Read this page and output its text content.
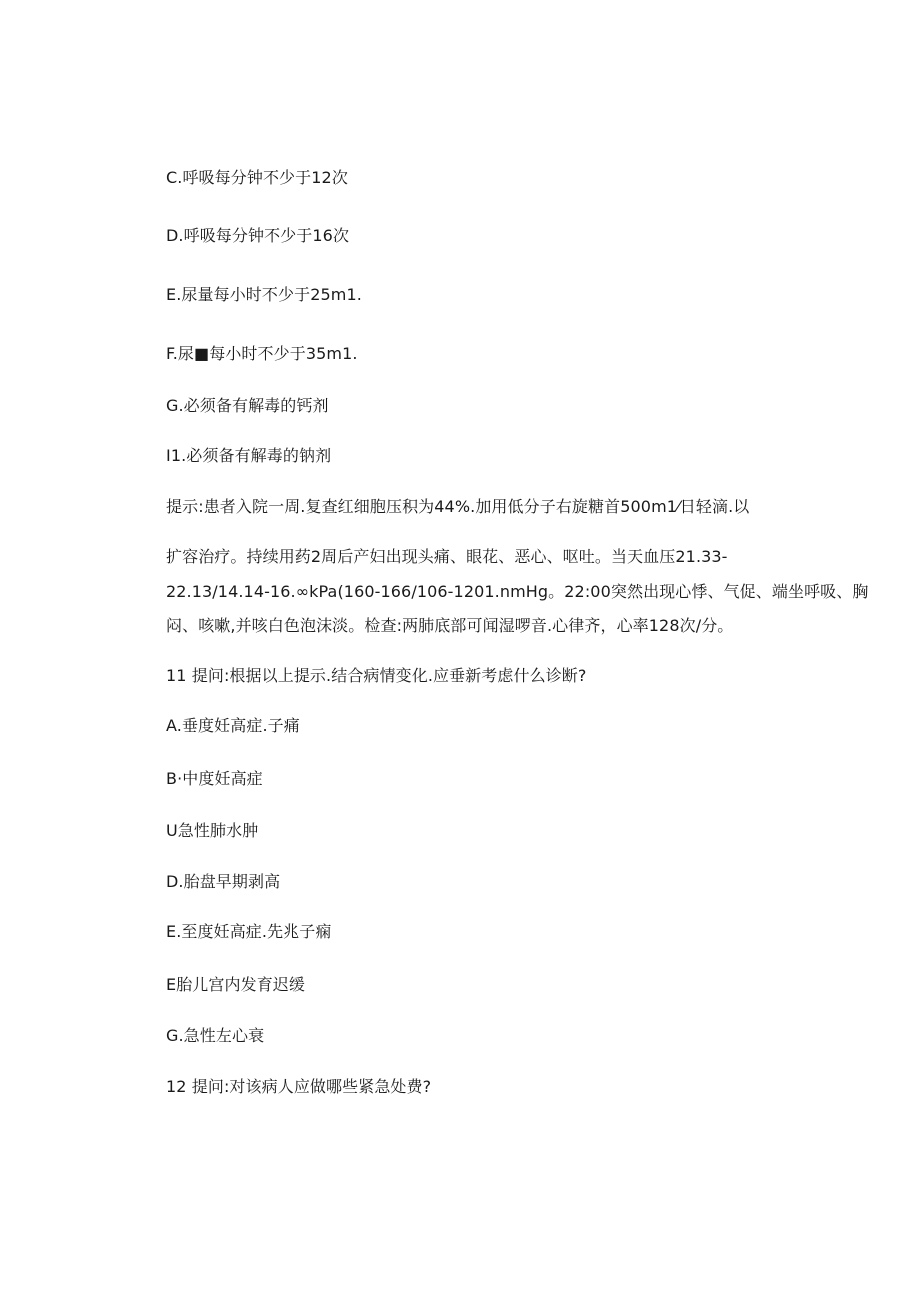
C.呼吸每分钟不少于12次
D.呼吸每分钟不少于16次
E.尿量每小时不少于25m1.
F.尿■每小时不少于35m1.
G.必须备有解毒的钙剂
I1.必须备有解毒的钠剂
提示:患者入院一周.复查红细胞压积为44%.加用低分子右旋糖首500m1⁄日轻滴.以
扩容治疗。持续用药2周后产妇出现头痛、眼花、恶心、呕吐。当天血压21.33-
22.13/14.14-16.∞kPa(160-166/106-1201.nmHg。22:00突然出现心悸、气促、端坐呼吸、胸
闷、咳嗽,并咳白色泡沫淡。检查:两肺底部可闻湿啰音.心律齐，心率128次/分。
11 提问:根据以上提示.结合病情变化.应垂新考虑什么诊断?
A.垂度妊高症.子痛
B·中度妊高症
U急性肺水肿
D.胎盘早期剥高
E.至度妊高症.先兆子痫
E胎儿宫内发育迟缓
G.急性左心衰
12 提问:对该病人应做哪些紧急处费?
